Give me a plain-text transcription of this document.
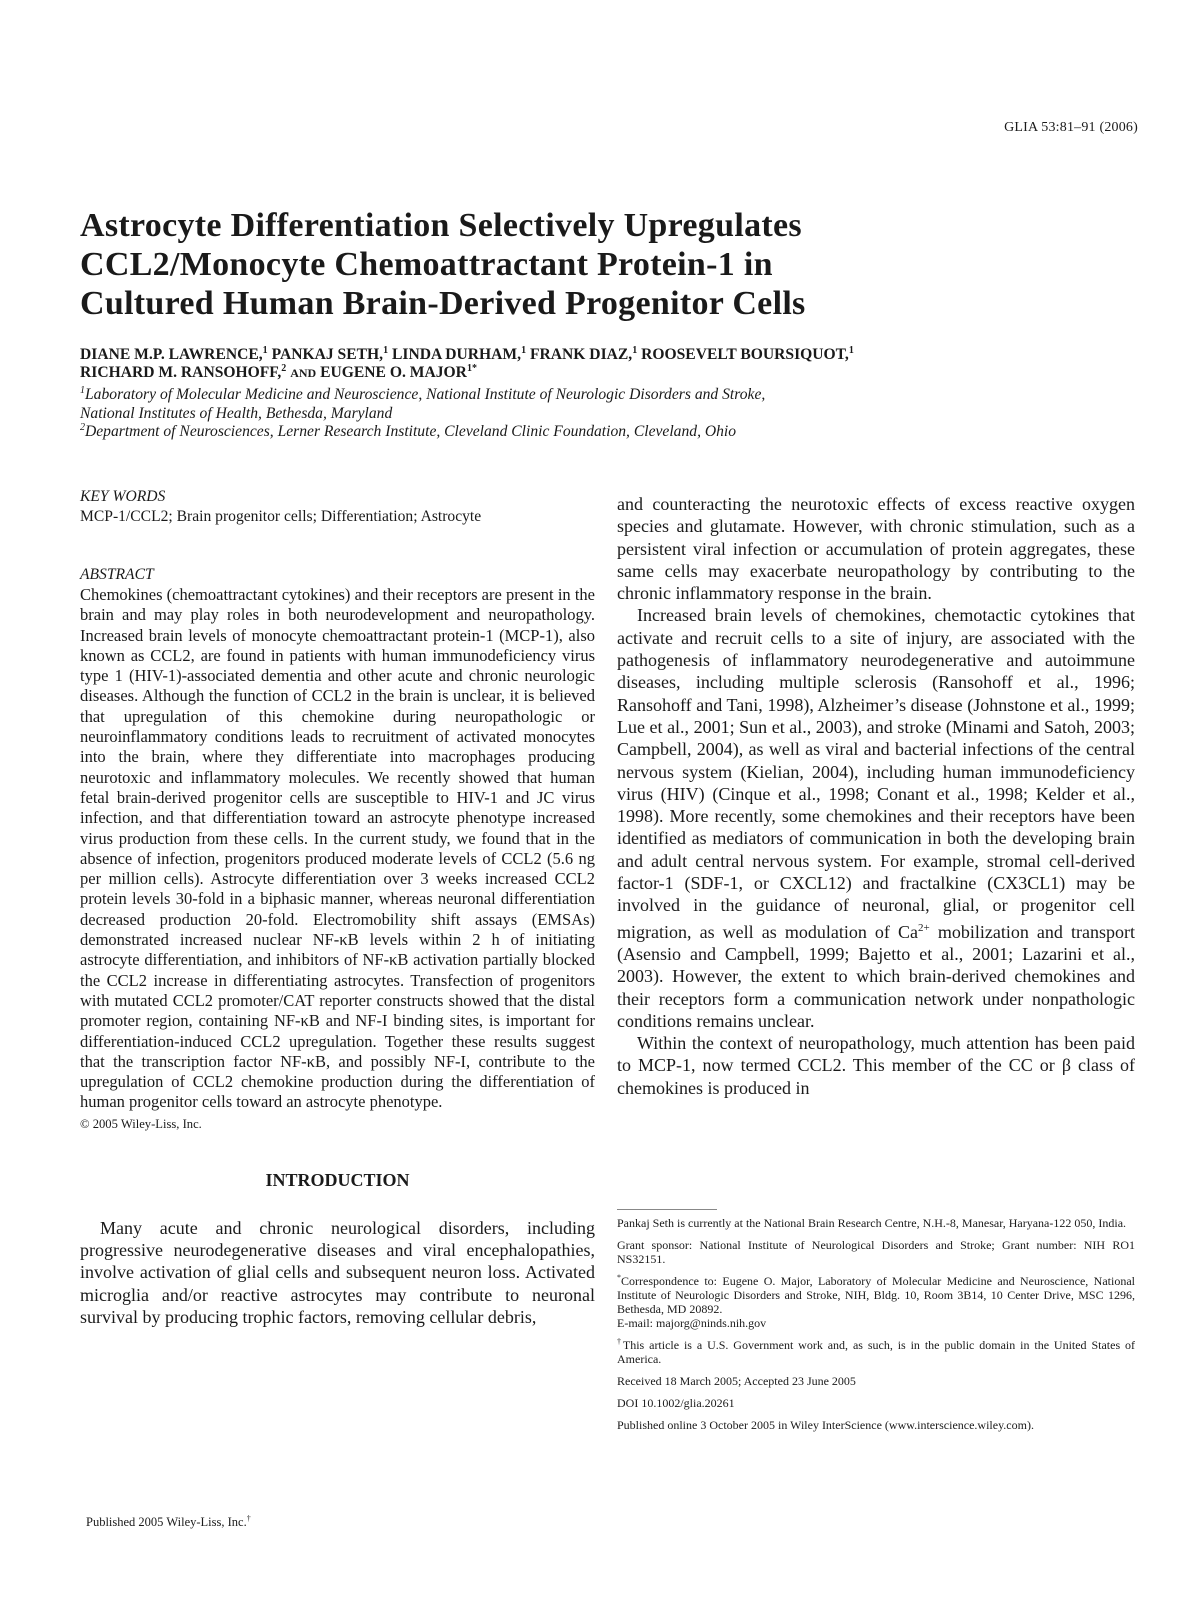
GLIA 53:81–91 (2006)
Astrocyte Differentiation Selectively Upregulates
CCL2/Monocyte Chemoattractant Protein-1 in
Cultured Human Brain-Derived Progenitor Cells
DIANE M.P. LAWRENCE,$^1$ PANKAJ SETH,$^1$ LINDA DURHAM,$^1$ FRANK DIAZ,$^1$ ROOSEVELT BOURSIQUOT,$^1$
RICHARD M. RANSOHOFF,$^2$ AND EUGENE O. $MAJOR^{1*}$

$^1$Laboratory of Molecular Medicine and Neuroscience, National Institute of Neurologic Disorders and Stroke,

National Institutes of Health, Bethesda, Maryland

$^2$Department of Neurosciences, Lerner Research Institute, Cleveland Clinic Foundation, Cleveland, Ohio

KEY WORDS
MCP-1/CCL2; Brain progenitor cells; Differentiation; Astrocyte
ABSTRACT

Chemokines (chemoattractant cytokines) and their receptors are present in the brain and may play roles in both neurodevelopment and neuropathology. Increased brain levels of monocyte chemoattractant protein-1 (MCP-1), also known as CCL2, are found in patients with human immunodeficiency virus type 1 (HIV-1)-associated dementia and other acute and chronic neurologic diseases. Although the function of CCL2 in the brain is unclear, it is believed that upregulation of this chemokine during neuropathologic or neuroinflammatory conditions leads to recruitment of activated monocytes into the brain, where they differentiate into macrophages producing neurotoxic and inflammatory molecules. We recently showed that human fetal brain-derived progenitor cells are susceptible to HIV-1 and JC virus infection, and that differentiation toward an astrocyte phenotype increased virus production from these cells. In the current study, we found that in the absence of infection, progenitors produced moderate levels of CCL2 (5.6 ng per million cells). Astrocyte differentiation over 3 weeks increased CCL2 protein levels 30-fold in a biphasic manner, whereas neuronal differentiation decreased production 20-fold. Electromobility shift assays (EMSAs) demonstrated increased nuclear NF-κB levels within 2 h of initiating astrocyte differentiation, and inhibitors of NF-κB activation partially blocked the CCL2 increase in differentiating astrocytes. Transfection of progenitors with mutated CCL2 promoter/CAT reporter constructs showed that the distal promoter region, containing NF-κB and NF-I binding sites, is important for differentiation-induced CCL2 upregulation. Together these results suggest that the transcription factor NF-κB, and possibly NF-I, contribute to the upregulation of CCL2 chemokine production during the differentiation of human progenitor cells toward an astrocyte phenotype.

© 2005 Wiley-Liss, Inc.
INTRODUCTION

Many acute and chronic neurological disorders, including progressive neurodegenerative diseases and viral encephalopathies, involve activation of glial cells and subsequent neuron loss. Activated microglia and/or reactive astrocytes may contribute to neuronal survival by producing trophic factors, removing cellular debris,

and counteracting the neurotoxic effects of excess reactive oxygen species and glutamate. However, with chronic stimulation, such as a persistent viral infection or accumulation of protein aggregates, these same cells may exacerbate neuropathology by contributing to the chronic inflammatory response in the brain.

Increased brain levels of chemokines, chemotactic cytokines that activate and recruit cells to a site of injury, are associated with the pathogenesis of inflammatory neurodegenerative and autoimmune diseases, including multiple sclerosis (Ransohoff et al., 1996; Ransohoff and Tani, 1998), Alzheimer’s disease (Johnstone et al., 1999; Lue et al., 2001; Sun et al., 2003), and stroke (Minami and Satoh, 2003; Campbell, 2004), as well as viral and bacterial infections of the central nervous system (Kielian, 2004), including human immunodeficiency virus (HIV) (Cinque et al., 1998; Conant et al., 1998; Kelder et al., 1998). More recently, some chemokines and their receptors have been identified as mediators of communication in both the developing brain and adult central nervous system. For example, stromal cell-derived factor-1 (SDF-1, or CXCL12) and fractalkine (CX3CL1) may be involved in the guidance of neuronal, glial, or progenitor cell migration, as well as modulation of $Ca^{2+}$ mobilization and transport (Asensio and Campbell, 1999; Bajetto et al., 2001; Lazarini et al., 2003). However, the extent to which brain-derived chemokines and their receptors form a communication network under nonpathologic conditions remains unclear.

Within the context of neuropathology, much attention has been paid to MCP-1, now termed CCL2. This member of the CC or β class of chemokines is produced in

Pankaj Seth is currently at the National Brain Research Centre, N.H.-8, Manesar, Haryana-122 050, India.

Grant sponsor: National Institute of Neurological Disorders and Stroke; Grant number: NIH RO1 NS32151.

*Correspondence to: Eugene O. Major, Laboratory of Molecular Medicine and Neuroscience, National Institute of Neurologic Disorders and Stroke, NIH, Bldg. 10, Room 3B14, 10 Center Drive, MSC 1296, Bethesda, MD 20892.
E-mail: majorg@ninds.nih.gov

†This article is a U.S. Government work and, as such, is in the public domain in the United States of America.

Received 18 March 2005; Accepted 23 June 2005

DOI 10.1002/glia.20261

Published online 3 October 2005 in Wiley InterScience (www.interscience.wiley.com).

Published 2005 Wiley-Liss, Inc.†
